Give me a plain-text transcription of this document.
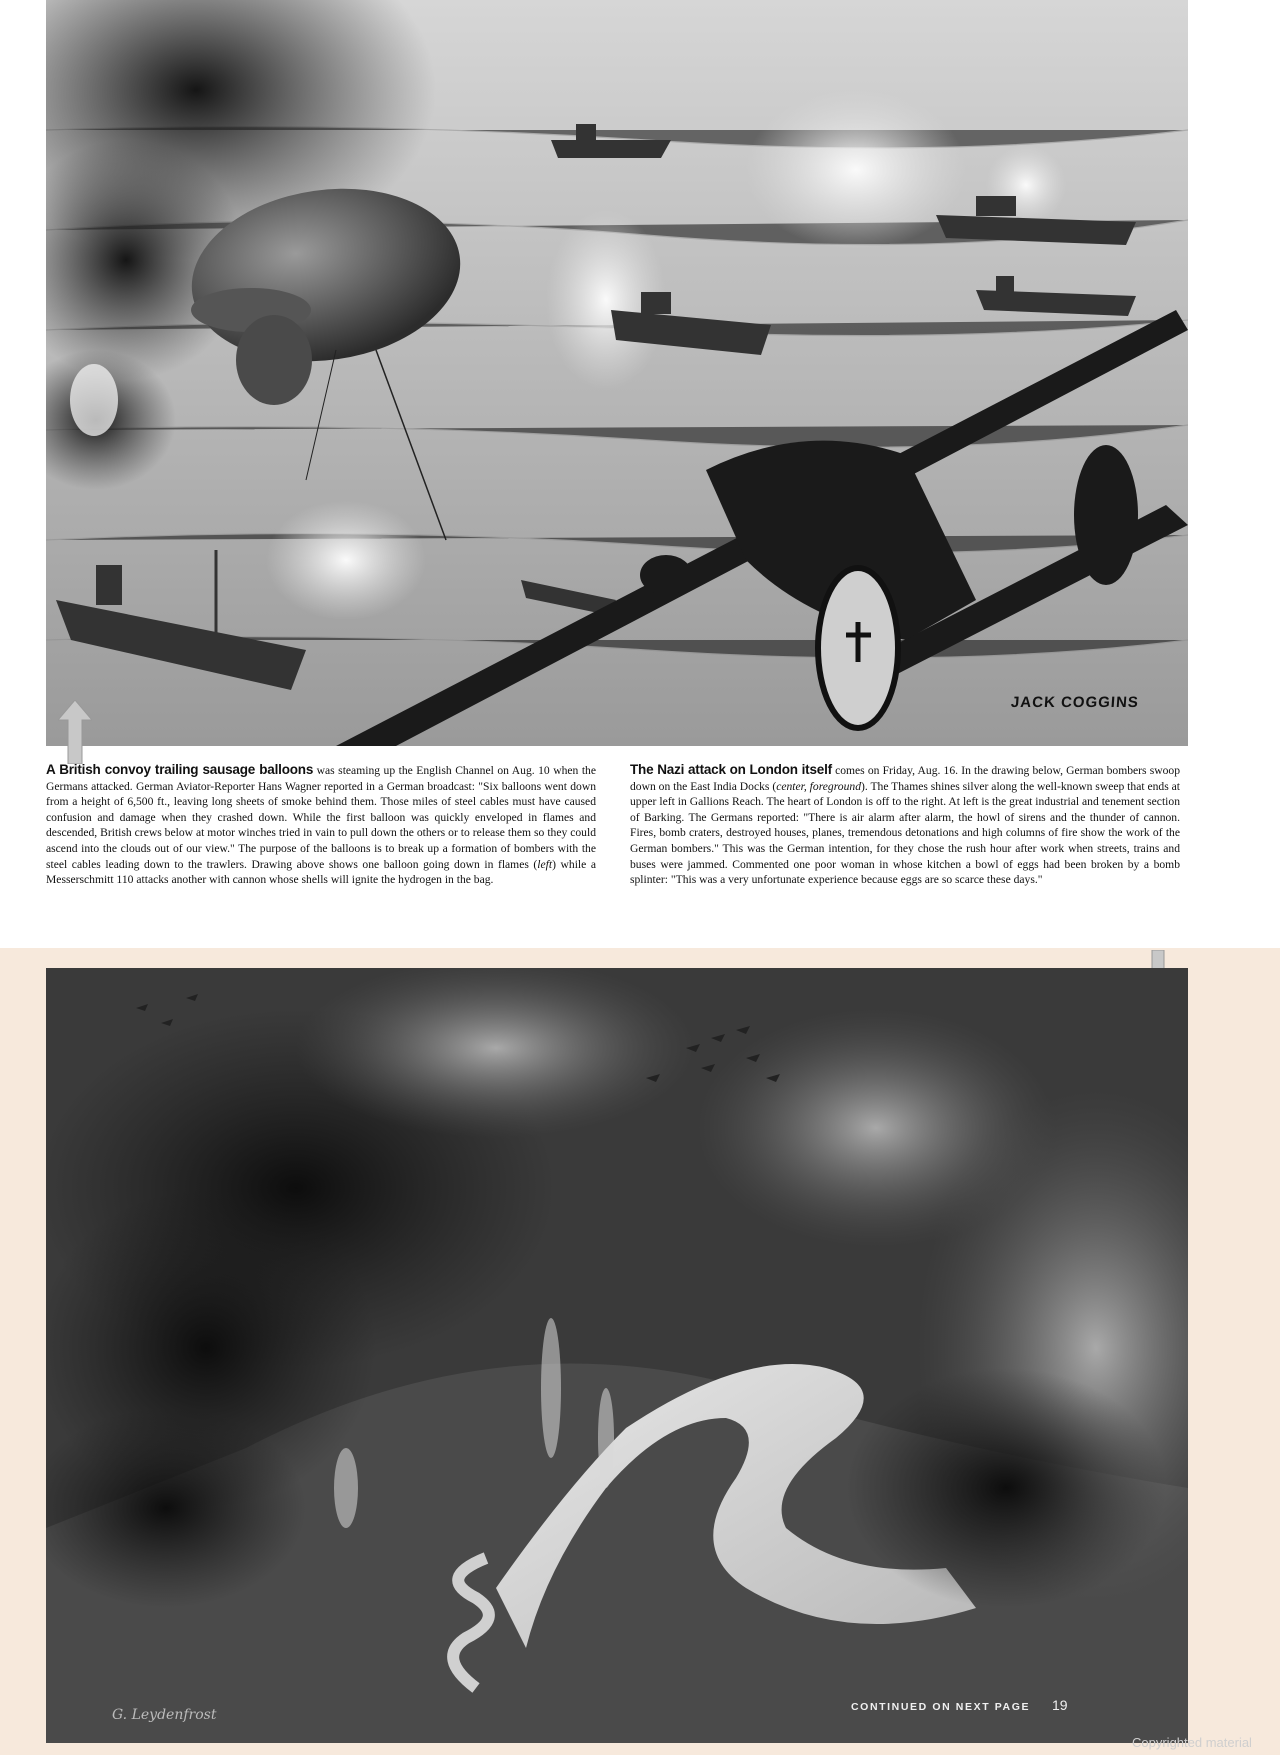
JACK COGGINS
A British convoy trailing sausage balloons was steaming up the English Channel on Aug. 10 when the Germans attacked. German Aviator-Reporter Hans Wagner reported in a German broadcast: "Six balloons went down from a height of 6,500 ft., leaving long sheets of smoke behind them. Those miles of steel cables must have caused confusion and damage when they crashed down. While the first balloon was quickly enveloped in flames and descended, British crews below at motor winches tried in vain to pull down the others or to release them so they could ascend into the clouds out of our view." The purpose of the balloons is to break up a formation of bombers with the steel cables leading down to the trawlers. Drawing above shows one balloon going down in flames (left) while a Messerschmitt 110 attacks another with cannon whose shells will ignite the hydrogen in the bag.
The Nazi attack on London itself comes on Friday, Aug. 16. In the drawing below, German bombers swoop down on the East India Docks (center, foreground). The Thames shines silver along the well-known sweep that ends at upper left in Gallions Reach. The heart of London is off to the right. At left is the great industrial and tenement section of Barking. The Germans reported: "There is air alarm after alarm, the howl of sirens and the thunder of cannon. Fires, bomb craters, destroyed houses, planes, tremendous detonations and high columns of fire show the work of the German bombers." This was the German intention, for they chose the rush hour after work when streets, trains and buses were jammed. Commented one poor woman in whose kitchen a bowl of eggs had been broken by a bomb splinter: "This was a very unfortunate experience because eggs are so scarce these days."
G. Leydenfrost	CONTINUED ON NEXT PAGE 19
Copyrighted material
